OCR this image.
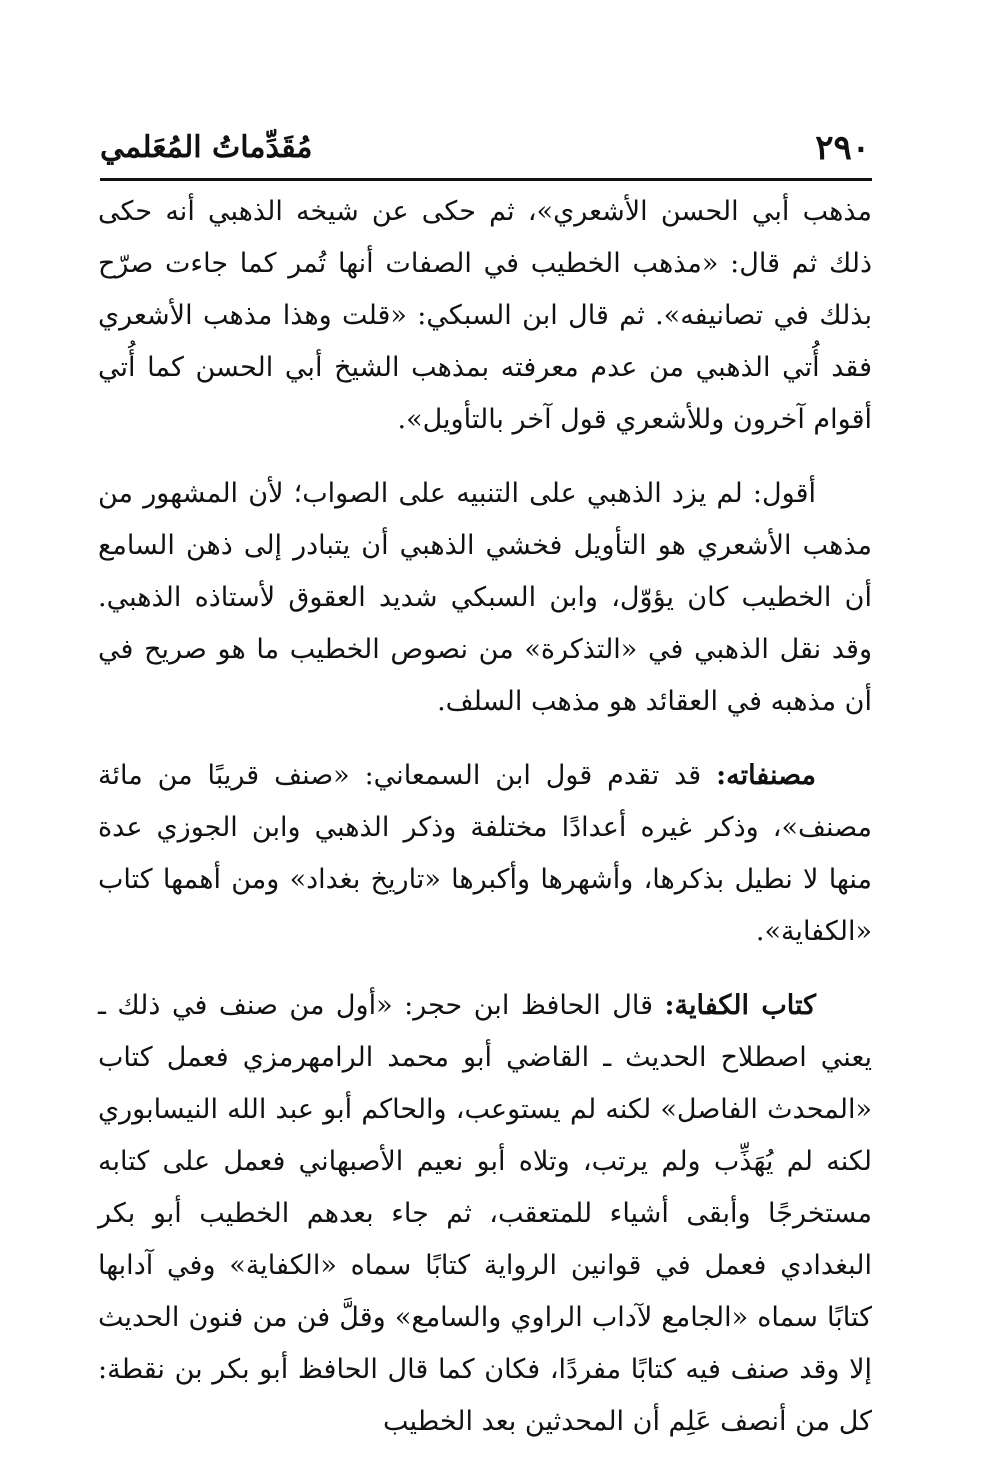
٢٩٠
مُقَدِّماتُ المُعَلمي

مذهب أبي الحسن الأشعري»، ثم حكى عن شيخه الذهبي أنه حكى ذلك ثم قال: «مذهب الخطيب في الصفات أنها تُمر كما جاءت صرّح بذلك في تصانيفه». ثم قال ابن السبكي: «قلت وهذا مذهب الأشعري فقد أُتي الذهبي من عدم معرفته بمذهب الشيخ أبي الحسن كما أُتي أقوام آخرون وللأشعري قول آخر بالتأويل».

أقول: لم يزد الذهبي على التنبيه على الصواب؛ لأن المشهور من مذهب الأشعري هو التأويل فخشي الذهبي أن يتبادر إلى ذهن السامع أن الخطيب كان يؤوّل، وابن السبكي شديد العقوق لأستاذه الذهبي. وقد نقل الذهبي في «التذكرة» من نصوص الخطيب ما هو صريح في أن مذهبه في العقائد هو مذهب السلف.

مصنفاته: قد تقدم قول ابن السمعاني: «صنف قريبًا من مائة مصنف»، وذكر غيره أعدادًا مختلفة وذكر الذهبي وابن الجوزي عدة منها لا نطيل بذكرها، وأشهرها وأكبرها «تاريخ بغداد» ومن أهمها كتاب «الكفاية».

كتاب الكفاية: قال الحافظ ابن حجر: «أول من صنف في ذلك ـ يعني اصطلاح الحديث ـ القاضي أبو محمد الرامهرمزي فعمل كتاب «المحدث الفاصل» لكنه لم يستوعب، والحاكم أبو عبد الله النيسابوري لكنه لم يُهَذِّب ولم يرتب، وتلاه أبو نعيم الأصبهاني فعمل على كتابه مستخرجًا وأبقى أشياء للمتعقب، ثم جاء بعدهم الخطيب أبو بكر البغدادي فعمل في قوانين الرواية كتابًا سماه «الكفاية» وفي آدابها كتابًا سماه «الجامع لآداب الراوي والسامع» وقلَّ فن من فنون الحديث إلا وقد صنف فيه كتابًا مفردًا، فكان كما قال الحافظ أبو بكر بن نقطة: كل من أنصف عَلِم أن المحدثين بعد الخطيب
